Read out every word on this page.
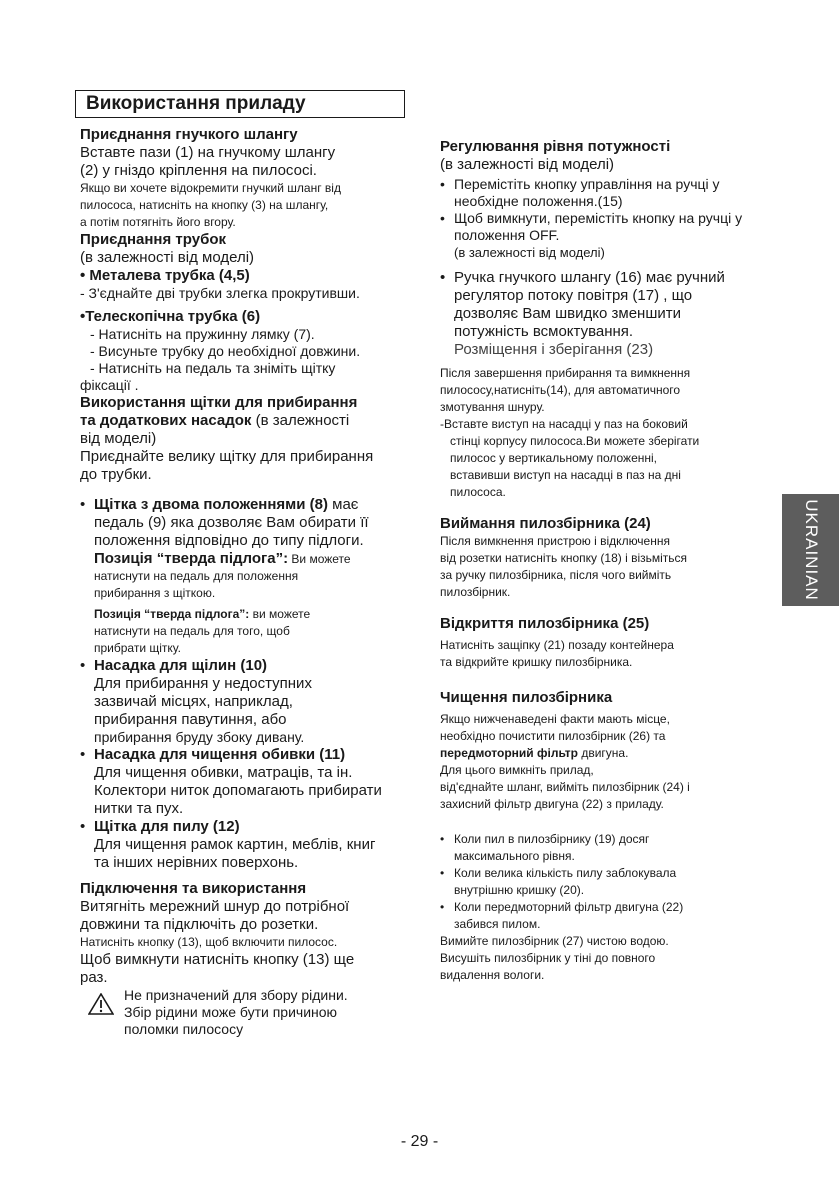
Використання приладу
Приєднання гнучкого шлангу
Вставте пази (1) на гнучкому шлангу
(2) у гніздо кріплення на пилососі.
Якщо ви хочете відокремити гнучкий шланг від
пилососа, натисніть на кнопку (3) на шлангу,
а потім потягніть його вгору.
Приєднання трубок
(в залежності від моделі)
• Металева трубка (4,5)
- З'єднайте дві трубки злегка прокрутивши.
•Телескопічна трубка (6)
- Натисніть на пружинну лямку (7).
- Висуньте трубку до необхідної довжини.
- Натисніть на педаль та зніміть щітку
фіксації .
Використання щітки для прибирання
та додаткових насадок (в залежності
від моделі)
Приєднайте велику щітку для прибирання
до трубки.
• Щітка з двома положеннями (8) має
педаль (9) яка дозволяє Вам обирати її
положення відповідно до типу підлоги.
Позиція “тверда підлога”: Ви можете
натиснути на педаль для положення
прибирання з щіткою.
Позиція “тверда підлога”: ви можете
натиснути на педаль для того, щоб
прибрати щітку.
• Насадка для щілин (10)
Для прибирання у недоступних
зазвичай місцях, наприклад,
прибирання павутиння, або
прибирання бруду збоку дивану.
• Насадка для чищення обивки (11)
Для чищення обивки, матраців, та ін.
Колектори ниток допомагають прибирати
нитки та пух.
• Щітка для пилу (12)
Для чищення рамок картин, меблів, книг
та інших нерівних поверхонь.
Підключення та використання
Витягніть мережний шнур до потрібної
довжини та підключіть до розетки.
Натисніть кнопку (13), щоб включити пилосос.
Щоб вимкнути натисніть кнопку (13) ще
раз.
Не призначений для збору рідини.
Збір рідини може бути причиною
поломки пилососу
Регулювання рівня потужності
(в залежності від моделі)
• Перемістіть кнопку управління на ручці у
необхідне положення.(15)
• Щоб вимкнути, перемістіть кнопку на ручці у
положення OFF.
(в залежності від моделі)
• Ручка гнучкого шлангу (16) має ручний
регулятор потоку повітря (17) , що
дозволяє Вам швидко зменшити
потужність всмоктування.
Розміщення і зберігання (23)
Після завершення прибирання та вимкнення
пилососу,натисніть(14), для автоматичного
змотування шнуру.
-Вставте виступ на насадці у паз на боковий
стінці корпусу пилососа.Ви можете зберігати
пилосос у вертикальному положенні,
вставивши виступ на насадці в паз на дні
пилососа.
Виймання пилозбірника (24)
Після вимкнення пристрою і відключення
від розетки натисніть кнопку (18) і візьміться
за ручку пилозбірника, після чого вийміть
пилозбірник.
Відкриття пилозбірника (25)
Натисніть защіпку (21) позаду контейнера
та відкрийте кришку пилозбірника.
Чищення пилозбірника
Якщо нижченаведені факти мають місце,
необхідно почистити пилозбірник (26) та
передмоторний фільтр двигуна.
Для цього вимкніть прилад,
від'єднайте шланг, вийміть пилозбірник (24) і
захисний фільтр двигуна (22) з приладу.
• Коли пил в пилозбірнику (19) досяг
максимального рівня.
• Коли велика кількість пилу заблокувала
внутрішню кришку (20).
• Коли передмоторний фільтр двигуна (22)
забився пилом.
Вимийте пилозбірник (27) чистою водою.
Висушіть пилозбірник у тіні до повного
видалення вологи.
UKRAINIAN
- 29 -
